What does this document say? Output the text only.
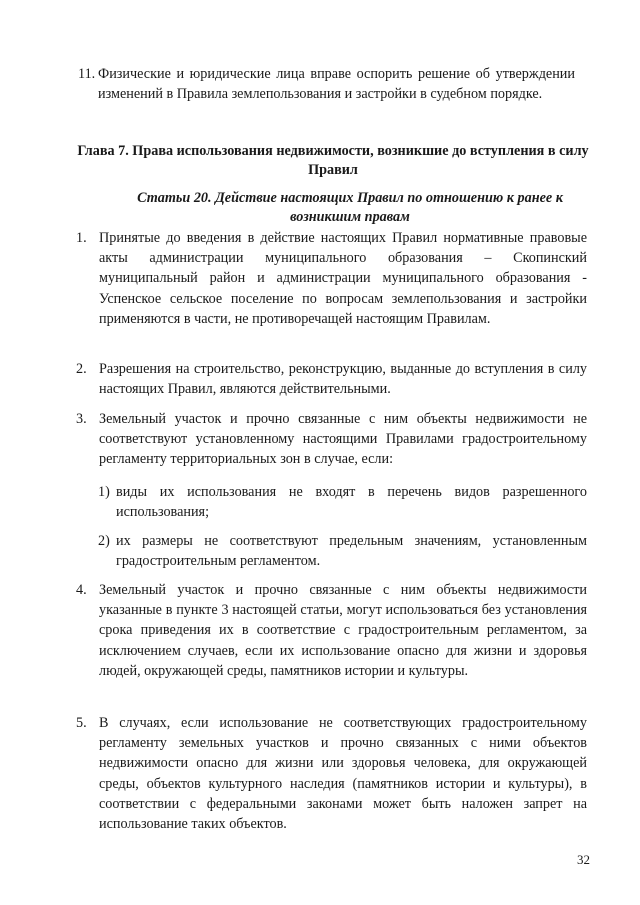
11. Физические и юридические лица вправе оспорить решение об утверждении изменений в Правила землепользования и застройки в судебном порядке.
Глава 7. Права использования недвижимости, возникшие до вступления в силу Правил
Статьи 20. Действие настоящих Правил по отношению к ранее к возникшим правам
1. Принятые до введения в действие настоящих Правил нормативные правовые акты администрации муниципального образования – Скопинский муниципальный район и администрации муниципального образования - Успенское сельское поселение по вопросам землепользования и застройки применяются в части, не противоречащей настоящим Правилам.
2. Разрешения на строительство, реконструкцию, выданные до вступления в силу настоящих Правил, являются действительными.
3. Земельный участок и прочно связанные с ним объекты недвижимости не соответствуют установленному настоящими Правилами градостроительному регламенту территориальных зон в случае, если:
1) виды их использования не входят в перечень видов разрешенного использования;
2) их размеры не соответствуют предельным значениям, установленным градостроительным регламентом.
4. Земельный участок и прочно связанные с ним объекты недвижимости указанные в пункте 3 настоящей статьи, могут использоваться без установления срока приведения их в соответствие с градостроительным регламентом, за исключением случаев, если их использование опасно для жизни и здоровья людей, окружающей среды, памятников истории и культуры.
5. В случаях, если использование не соответствующих градостроительному регламенту земельных участков и прочно связанных с ними объектов недвижимости опасно для жизни или здоровья человека, для окружающей среды, объектов культурного наследия (памятников истории и культуры), в соответствии с федеральными законами может быть наложен запрет на использование таких объектов.
32
